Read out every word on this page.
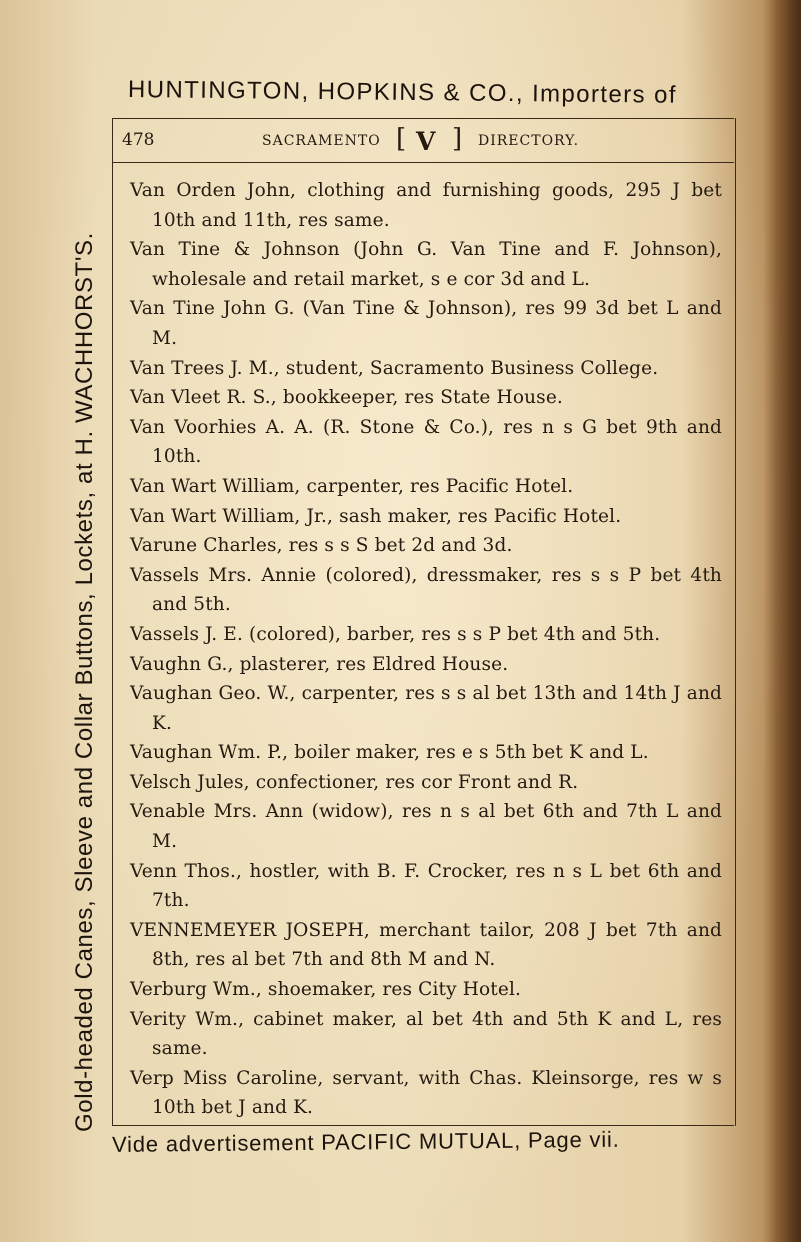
HUNTINGTON, HOPKINS & CO., Importers of
Gold-headed Canes, Sleeve and Collar Buttons, Lockets, at H. WACHHORST'S.
478	SACRAMENTO [ V ] DIRECTORY.
Van Orden John, clothing and furnishing goods, 295 J bet 10th and 11th, res same.
Van Tine & Johnson (John G. Van Tine and F. Johnson), wholesale and retail market, s e cor 3d and L.
Van Tine John G. (Van Tine & Johnson), res 99 3d bet L and M.
Van Trees J. M., student, Sacramento Business College.
Van Vleet R. S., bookkeeper, res State House.
Van Voorhies A. A. (R. Stone & Co.), res n s G bet 9th and 10th.
Van Wart William, carpenter, res Pacific Hotel.
Van Wart William, Jr., sash maker, res Pacific Hotel.
Varune Charles, res s s S bet 2d and 3d.
Vassels Mrs. Annie (colored), dressmaker, res s s P bet 4th and 5th.
Vassels J. E. (colored), barber, res s s P bet 4th and 5th.
Vaughn G., plasterer, res Eldred House.
Vaughan Geo. W., carpenter, res s s al bet 13th and 14th J and K.
Vaughan Wm. P., boiler maker, res e s 5th bet K and L.
Velsch Jules, confectioner, res cor Front and R.
Venable Mrs. Ann (widow), res n s al bet 6th and 7th L and M.
Venn Thos., hostler, with B. F. Crocker, res n s L bet 6th and 7th.
VENNEMEYER JOSEPH, merchant tailor, 208 J bet 7th and 8th, res al bet 7th and 8th M and N.
Verburg Wm., shoemaker, res City Hotel.
Verity Wm., cabinet maker, al bet 4th and 5th K and L, res same.
Verp Miss Caroline, servant, with Chas. Kleinsorge, res w s 10th bet J and K.
Vide advertisement PACIFIC MUTUAL, Page vii.
